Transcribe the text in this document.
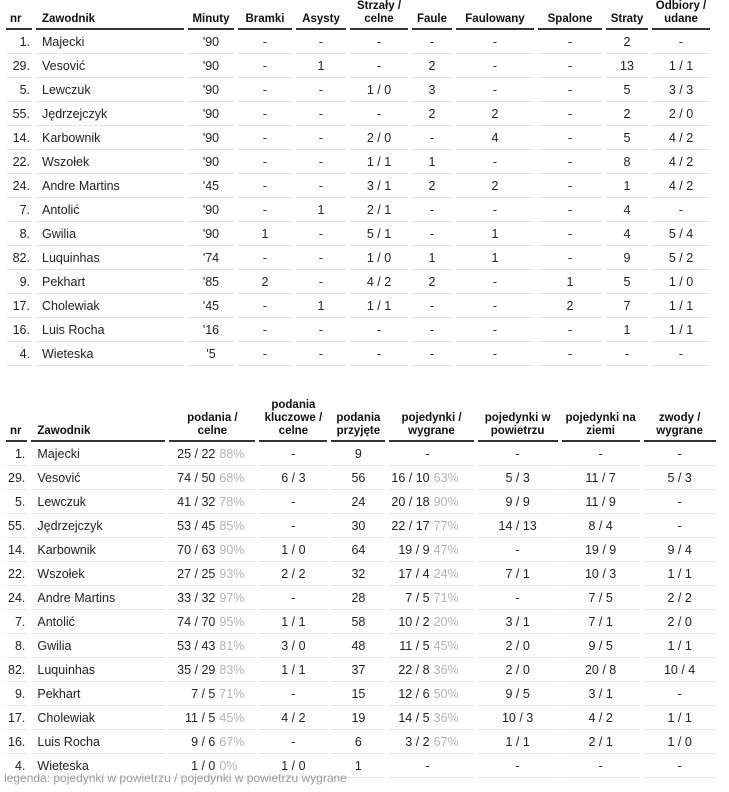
nr	Zawodnik	Minuty	Bramki	Asysty	Strzały / celne	Faule	Faulowany	Spalone	Straty	Odbiory / udane
1.	Majecki	'90	-	-	-	-	-	-	2	-
29.	Vesović	'90	-	1	-	2	-	-	13	1 / 1
5.	Lewczuk	'90	-	-	1 / 0	3	-	-	5	3 / 3
55.	Jędrzejczyk	'90	-	-	-	2	2	-	2	2 / 0
14.	Karbownik	'90	-	-	2 / 0	-	4	-	5	4 / 2
22.	Wszołek	'90	-	-	1 / 1	1	-	-	8	4 / 2
24.	Andre Martins	'45	-	-	3 / 1	2	2	-	1	4 / 2
7.	Antolić	'90	-	1	2 / 1	-	-	-	4	-
8.	Gwilia	'90	1	-	5 / 1	-	1	-	4	5 / 4
82.	Luquinhas	'74	-	-	1 / 0	1	1	-	9	5 / 2
9.	Pekhart	'85	2	-	4 / 2	2	-	1	5	1 / 0
17.	Cholewiak	'45	-	1	1 / 1	-	-	2	7	1 / 1
16.	Luis Rocha	'16	-	-	-	-	-	-	1	1 / 1
4.	Wieteska	'5	-	-	-	-	-	-	-	-
nr	Zawodnik	podania / celne	podania kluczowe / celne	podania przyjęte	pojedynki / wygrane	pojedynki w powietrzu	pojedynki na ziemi	zwody / wygrane
1.	Majecki	25 / 22 88%	-	9	-	-	-	-
29.	Vesović	74 / 50 68%	6 / 3	56	16 / 10 63%	5 / 3	11 / 7	5 / 3
5.	Lewczuk	41 / 32 78%	-	24	20 / 18 90%	9 / 9	11 / 9	-
55.	Jędrzejczyk	53 / 45 85%	-	30	22 / 17 77%	14 / 13	8 / 4	-
14.	Karbownik	70 / 63 90%	1 / 0	64	19 / 9 47%	-	19 / 9	9 / 4
22.	Wszołek	27 / 25 93%	2 / 2	32	17 / 4 24%	7 / 1	10 / 3	1 / 1
24.	Andre Martins	33 / 32 97%	-	28	7 / 5 71%	-	7 / 5	2 / 2
7.	Antolić	74 / 70 95%	1 / 1	58	10 / 2 20%	3 / 1	7 / 1	2 / 0
8.	Gwilia	53 / 43 81%	3 / 0	48	11 / 5 45%	2 / 0	9 / 5	1 / 1
82.	Luquinhas	35 / 29 83%	1 / 1	37	22 / 8 36%	2 / 0	20 / 8	10 / 4
9.	Pekhart	7 / 5 71%	-	15	12 / 6 50%	9 / 5	3 / 1	-
17.	Cholewiak	11 / 5 45%	4 / 2	19	14 / 5 36%	10 / 3	4 / 2	1 / 1
16.	Luis Rocha	9 / 6 67%	-	6	3 / 2 67%	1 / 1	2 / 1	1 / 0
4.	Wieteska	1 / 0 0%	1 / 0	1	-	-	-	-
legenda: pojedynki w powietrzu / pojedynki w powietrzu wygrane
